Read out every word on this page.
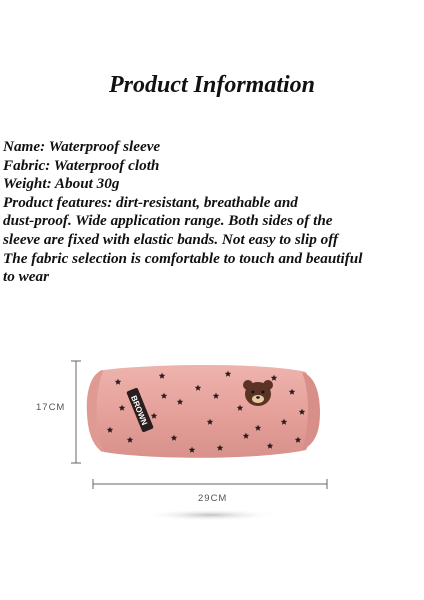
Product Information
Name: Waterproof sleeve
Fabric: Waterproof cloth
Weight: About 30g
Product features: dirt-resistant, breathable and
dust-proof. Wide application range. Both sides of the
sleeve are fixed with elastic bands. Not easy to slip off
The fabric selection is comfortable to touch and beautiful
to wear
17CM
29CM
BROWN
